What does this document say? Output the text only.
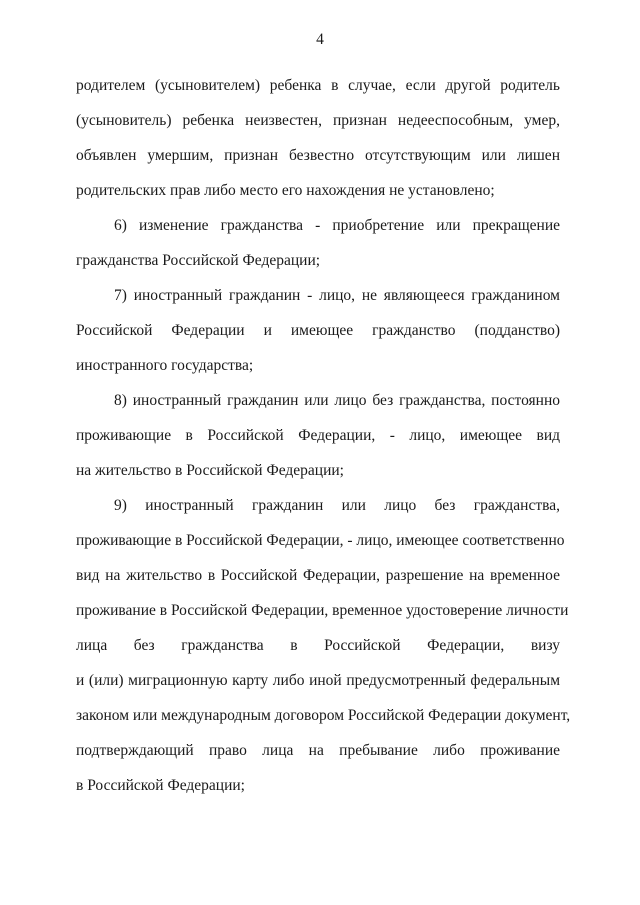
4
родителем (усыновителем) ребенка в случае, если другой родитель
(усыновитель) ребенка неизвестен, признан недееспособным, умер,
объявлен умершим, признан безвестно отсутствующим или лишен
родительских прав либо место его нахождения не установлено;
6) изменение гражданства - приобретение или прекращение
гражданства Российской Федерации;
7) иностранный гражданин - лицо, не являющееся гражданином
Российской Федерации и имеющее гражданство (подданство)
иностранного государства;
8) иностранный гражданин или лицо без гражданства, постоянно
проживающие в Российской Федерации, - лицо, имеющее вид
на жительство в Российской Федерации;
9) иностранный гражданин или лицо без гражданства,
проживающие в Российской Федерации, - лицо, имеющее соответственно
вид на жительство в Российской Федерации, разрешение на временное
проживание в Российской Федерации, временное удостоверение личности
лица без гражданства в Российской Федерации, визу
и (или) миграционную карту либо иной предусмотренный федеральным
законом или международным договором Российской Федерации документ,
подтверждающий право лица на пребывание либо проживание
в Российской Федерации;
